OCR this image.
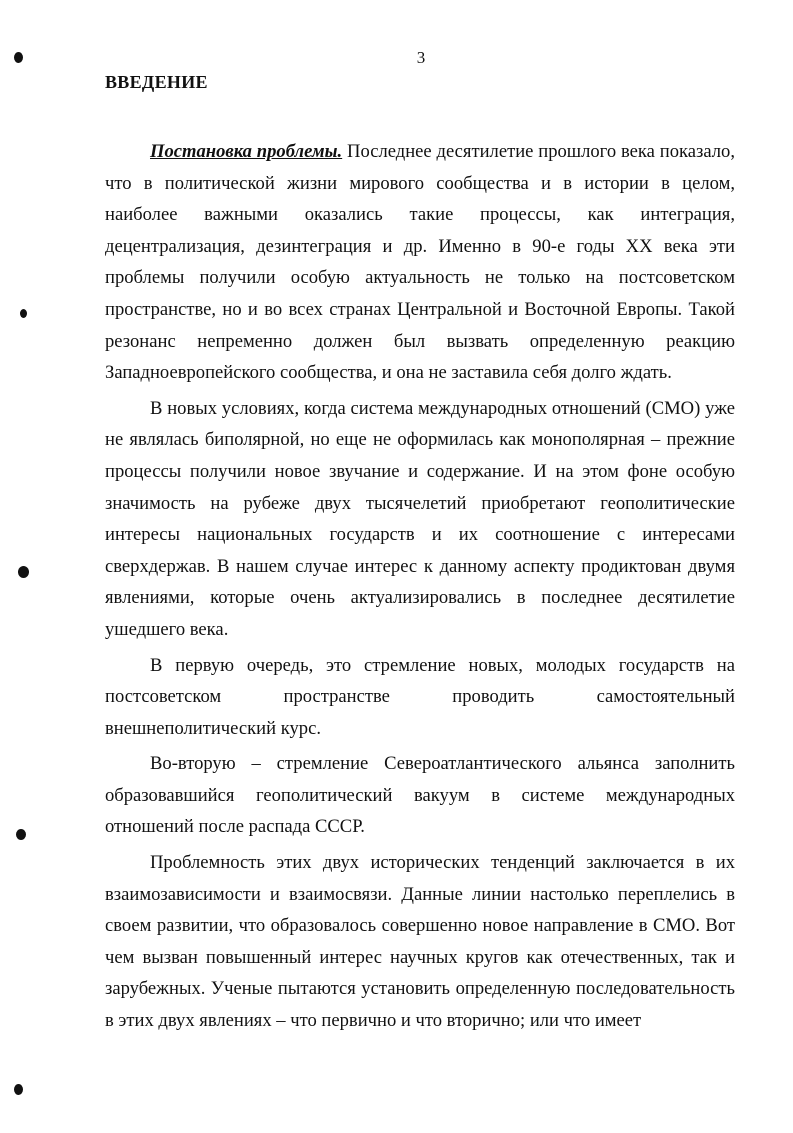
3
ВВЕДЕНИЕ

Постановка проблемы. Последнее десятилетие прошлого века показало, что в политической жизни мирового сообщества и в истории в целом, наиболее важными оказались такие процессы, как интеграция, децентрализация, дезинтеграция и др. Именно в 90-е годы XX века эти проблемы получили особую актуальность не только на постсоветском пространстве, но и во всех странах Центральной и Восточной Европы. Такой резонанс непременно должен был вызвать определенную реакцию Западноевропейского сообщества, и она не заставила себя долго ждать.

В новых условиях, когда система международных отношений (СМО) уже не являлась биполярной, но еще не оформилась как монополярная – прежние процессы получили новое звучание и содержание. И на этом фоне особую значимость на рубеже двух тысячелетий приобретают геополитические интересы национальных государств и их соотношение с интересами сверхдержав. В нашем случае интерес к данному аспекту продиктован двумя явлениями, которые очень актуализировались в последнее десятилетие ушедшего века.

В первую очередь, это стремление новых, молодых государств на постсоветском пространстве проводить самостоятельный внешнеполитический курс.

Во-вторую – стремление Североатлантического альянса заполнить образовавшийся геополитический вакуум в системе международных отношений после распада СССР.

Проблемность этих двух исторических тенденций заключается в их взаимозависимости и взаимосвязи. Данные линии настолько переплелись в своем развитии, что образовалось совершенно новое направление в СМО. Вот чем вызван повышенный интерес научных кругов как отечественных, так и зарубежных. Ученые пытаются установить определенную последовательность в этих двух явлениях – что первично и что вторично; или что имеет
